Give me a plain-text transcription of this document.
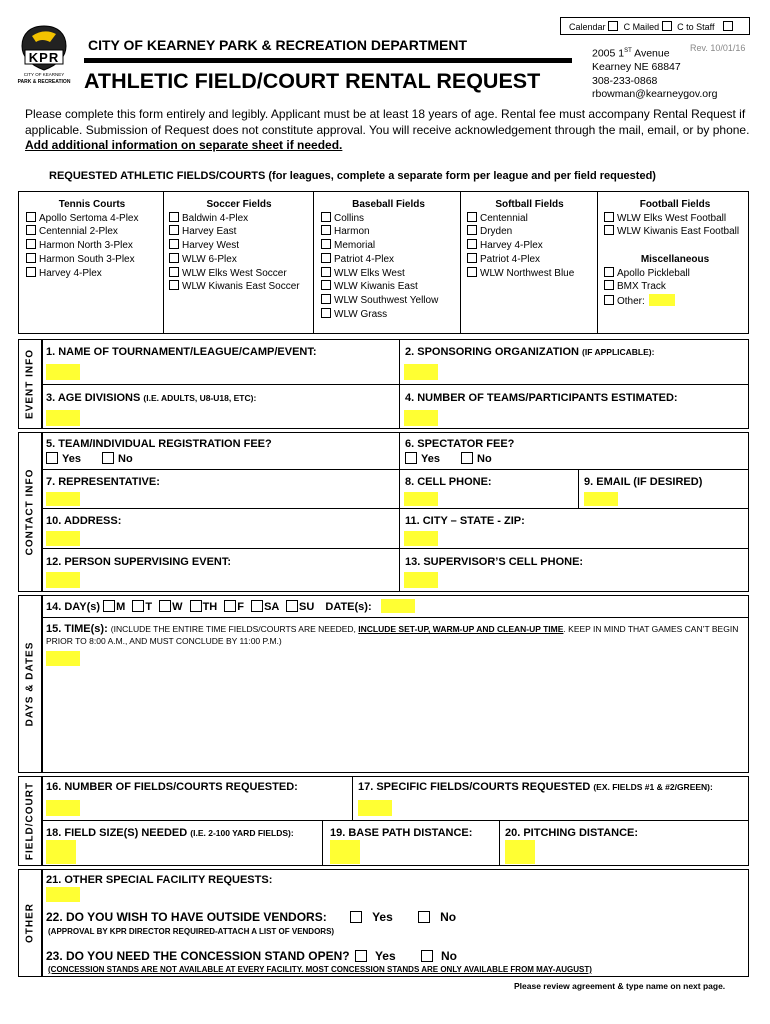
Calendar C Mailed C to Staff
KPR
CITY OF KEARNEY
PARK & RECREATION
CITY OF KEARNEY PARK & RECREATION DEPARTMENT
ATHLETIC FIELD/COURT RENTAL REQUEST
Rev. 10/01/16
2005 1ST Avenue
Kearney NE 68847
308-233-0868
rbowman@kearneygov.org
Please complete this form entirely and legibly. Applicant must be at least 18 years of age. Rental fee must accompany Rental Request if applicable. Submission of Request does not constitute approval. You will receive acknowledgement through the mail, email, or by phone. Add additional information on separate sheet if needed.
REQUESTED ATHLETIC FIELDS/COURTS (for leagues, complete a separate form per league and per field requested)
Tennis Courts
Apollo Sertoma 4-Plex
Centennial 2-Plex
Harmon North 3-Plex
Harmon South 3-Plex
Harvey 4-Plex
Soccer Fields
Baldwin 4-Plex
Harvey East
Harvey West
WLW 6-Plex
WLW Elks West Soccer
WLW Kiwanis East Soccer
Baseball Fields
Collins
Harmon
Memorial
Patriot 4-Plex
WLW Elks West
WLW Kiwanis East
WLW Southwest Yellow
WLW Grass
Softball Fields
Centennial
Dryden
Harvey 4-Plex
Patriot 4-Plex
WLW Northwest Blue
Football Fields
WLW Elks West Football
WLW Kiwanis East Football
Miscellaneous
Apollo Pickleball
BMX Track
Other:
EVENT INFO 1. NAME OF TOURNAMENT/LEAGUE/CAMP/EVENT:	2. SPONSORING ORGANIZATION (IF APPLICABLE):
3. AGE DIVISIONS (I.E. ADULTS, U8-U18, ETC):	4. NUMBER OF TEAMS/PARTICIPANTS ESTIMATED:
CONTACT INFO
5. TEAM/INDIVIDUAL REGISTRATION FEE?
Yes	No
6. SPECTATOR FEE?
Yes	No
7. REPRESENTATIVE:	8. CELL PHONE:	9. EMAIL (IF DESIRED)
10. ADDRESS:	11. CITY – STATE - ZIP:
12. PERSON SUPERVISING EVENT:	13. SUPERVISOR’S CELL PHONE:
DAYS & DATES
14. DAY(s) M T W TH F SA SU DATE(s):
15. TIME(s): (INCLUDE THE ENTIRE TIME FIELDS/COURTS ARE NEEDED, INCLUDE SET-UP, WARM-UP AND CLEAN-UP TIME. KEEP IN MIND THAT GAMES CAN’T BEGIN
PRIOR TO 8:00 A.M., AND MUST CONCLUDE BY 11:00 P.M.)
FIELD/COURT 16. NUMBER OF FIELDS/COURTS REQUESTED:	17. SPECIFIC FIELDS/COURTS REQUESTED (EX. FIELDS #1 & #2/GREEN):
18. FIELD SIZE(S) NEEDED (I.E. 2-100 YARD FIELDS):	19. BASE PATH DISTANCE:	20. PITCHING DISTANCE:
OTHER
21. OTHER SPECIAL FACILITY REQUESTS:
22. DO YOU WISH TO HAVE OUTSIDE VENDORS:	Yes	No
(APPROVAL BY KPR DIRECTOR REQUIRED-ATTACH A LIST OF VENDORS)
23. DO YOU NEED THE CONCESSION STAND OPEN? Yes	No
(CONCESSION STANDS ARE NOT AVAILABLE AT EVERY FACILITY. MOST CONCESSION STANDS ARE ONLY AVAILABLE FROM MAY-AUGUST)
Please review agreement & type name on next page.
